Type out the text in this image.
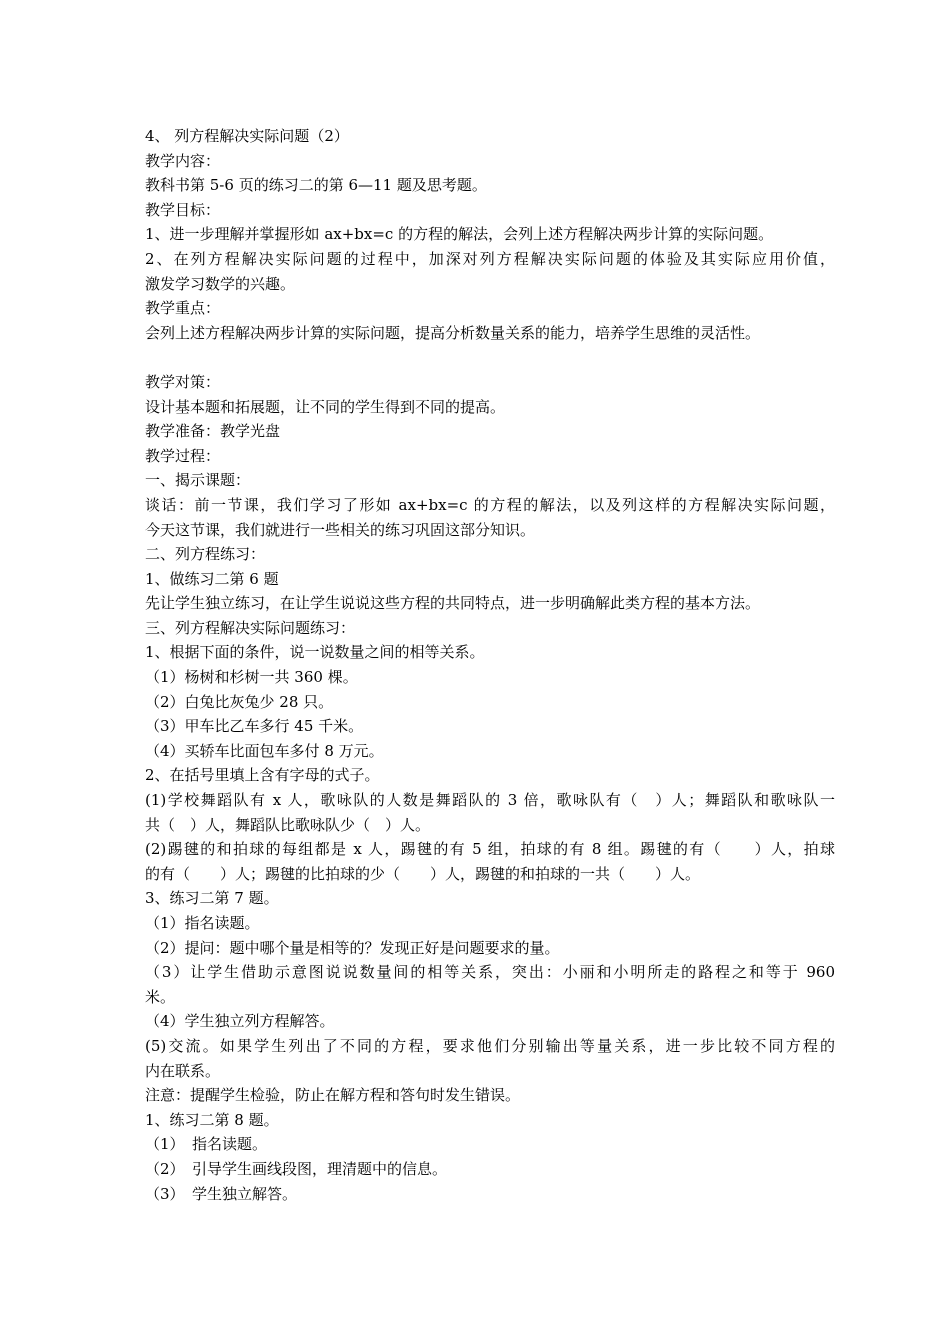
4、 列方程解决实际问题（2）
教学内容：
教科书第 5-6 页的练习二的第 6—11 题及思考题。
教学目标：
1、进一步理解并掌握形如 ax+bx=c 的方程的解法，会列上述方程解决两步计算的实际问题。
2、在列方程解决实际问题的过程中，加深对列方程解决实际问题的体验及其实际应用价值，
激发学习数学的兴趣。
教学重点：
会列上述方程解决两步计算的实际问题，提高分析数量关系的能力，培养学生思维的灵活性。
教学对策：
设计基本题和拓展题，让不同的学生得到不同的提高。
教学准备：教学光盘
教学过程：
一、揭示课题：
谈话：前一节课，我们学习了形如 ax+bx=c 的方程的解法，以及列这样的方程解决实际问题，
今天这节课，我们就进行一些相关的练习巩固这部分知识。
二、列方程练习：
1、做练习二第 6 题
先让学生独立练习，在让学生说说这些方程的共同特点，进一步明确解此类方程的基本方法。
三、列方程解决实际问题练习：
1、根据下面的条件，说一说数量之间的相等关系。
（1）杨树和杉树一共 360 棵。
（2）白兔比灰兔少 28 只。
（3）甲车比乙车多行 45 千米。
（4）买轿车比面包车多付 8 万元。
2、在括号里填上含有字母的式子。
(1)学校舞蹈队有 x 人，歌咏队的人数是舞蹈队的 3 倍，歌咏队有（　）人；舞蹈队和歌咏队一
共（　）人，舞蹈队比歌咏队少（　）人。
(2)踢毽的和拍球的每组都是 x 人，踢毽的有 5 组，拍球的有 8 组。踢毽的有（　　）人，拍球
的有（　　）人；踢毽的比拍球的少（　　）人，踢毽的和拍球的一共（　　）人。
3、练习二第 7 题。
（1）指名读题。
（2）提问：题中哪个量是相等的？发现正好是问题要求的量。
（3）让学生借助示意图说说数量间的相等关系，突出：小丽和小明所走的路程之和等于 960
米。
（4）学生独立列方程解答。
(5)交流。如果学生列出了不同的方程，要求他们分别输出等量关系，进一步比较不同方程的
内在联系。
注意：提醒学生检验，防止在解方程和答句时发生错误。
1、练习二第 8 题。
（1）　指名读题。
（2）　引导学生画线段图，理清题中的信息。
（3）　学生独立解答。
